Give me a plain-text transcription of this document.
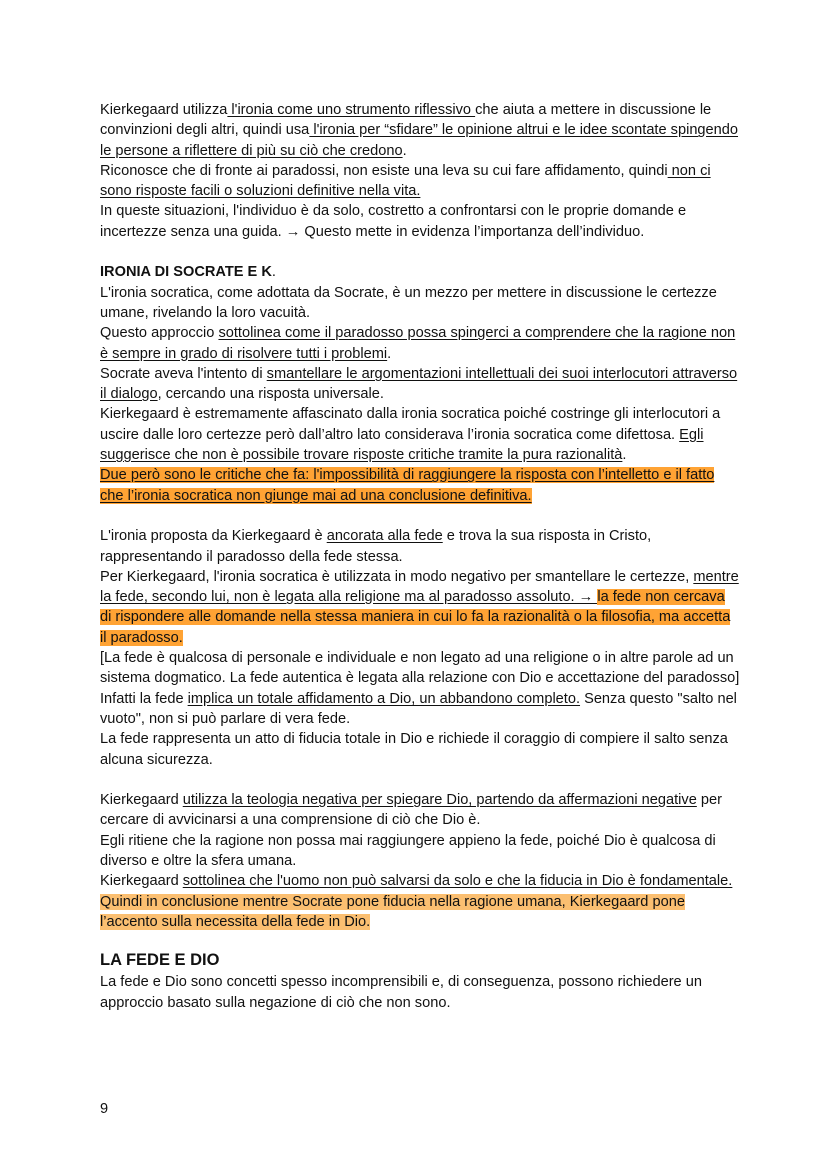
Kierkegaard utilizza l'ironia come uno strumento riflessivo che aiuta a mettere in discussione le convinzioni degli altri, quindi usa l'ironia per “sfidare” le opinione altrui e le idee scontate spingendo le persone a riflettere di più su ciò che credono.

Riconosce che di fronte ai paradossi, non esiste una leva su cui fare affidamento, quindi non ci sono risposte facili o soluzioni definitive nella vita.

In queste situazioni, l'individuo è da solo, costretto a confrontarsi con le proprie domande e incertezze senza una guida. → Questo mette in evidenza l’importanza dell’individuo.

IRONIA DI SOCRATE E K.

L'ironia socratica, come adottata da Socrate, è un mezzo per mettere in discussione le certezze umane, rivelando la loro vacuità.

Questo approccio sottolinea come il paradosso possa spingerci a comprendere che la ragione non è sempre in grado di risolvere tutti i problemi.

Socrate aveva l'intento di smantellare le argomentazioni intellettuali dei suoi interlocutori attraverso il dialogo, cercando una risposta universale.

Kierkegaard è estremamente affascinato dalla ironia socratica poiché costringe gli interlocutori a uscire dalle loro certezze però dall’altro lato considerava l’ironia socratica come difettosa. Egli suggerisce che non è possibile trovare risposte critiche tramite la pura razionalità.

Due però sono le critiche che fa: l'impossibilità di raggiungere la risposta con l’intelletto e il fatto che l’ironia socratica non giunge mai ad una conclusione definitiva.

L'ironia proposta da Kierkegaard è ancorata alla fede e trova la sua risposta in Cristo, rappresentando il paradosso della fede stessa.

Per Kierkegaard, l'ironia socratica è utilizzata in modo negativo per smantellare le certezze, mentre la fede, secondo lui, non è legata alla religione ma al paradosso assoluto. → la fede non cercava di rispondere alle domande nella stessa maniera in cui lo fa la razionalità o la filosofia, ma accetta il paradosso.

[La fede è qualcosa di personale e individuale e non legato ad una religione o in altre parole ad un sistema dogmatico. La fede autentica è legata alla relazione con Dio e accettazione del paradosso]

Infatti la fede implica un totale affidamento a Dio, un abbandono completo. Senza questo "salto nel vuoto", non si può parlare di vera fede.

La fede rappresenta un atto di fiducia totale in Dio e richiede il coraggio di compiere il salto senza alcuna sicurezza.

Kierkegaard utilizza la teologia negativa per spiegare Dio, partendo da affermazioni negative per cercare di avvicinarsi a una comprensione di ciò che Dio è.

Egli ritiene che la ragione non possa mai raggiungere appieno la fede, poiché Dio è qualcosa di diverso e oltre la sfera umana.

Kierkegaard sottolinea che l'uomo non può salvarsi da solo e che la fiducia in Dio è fondamentale.

Quindi in conclusione mentre Socrate pone fiducia nella ragione umana, Kierkegaard pone l’accento sulla necessita della fede in Dio.

LA FEDE E DIO

La fede e Dio sono concetti spesso incomprensibili e, di conseguenza, possono richiedere un approccio basato sulla negazione di ciò che non sono.

9
